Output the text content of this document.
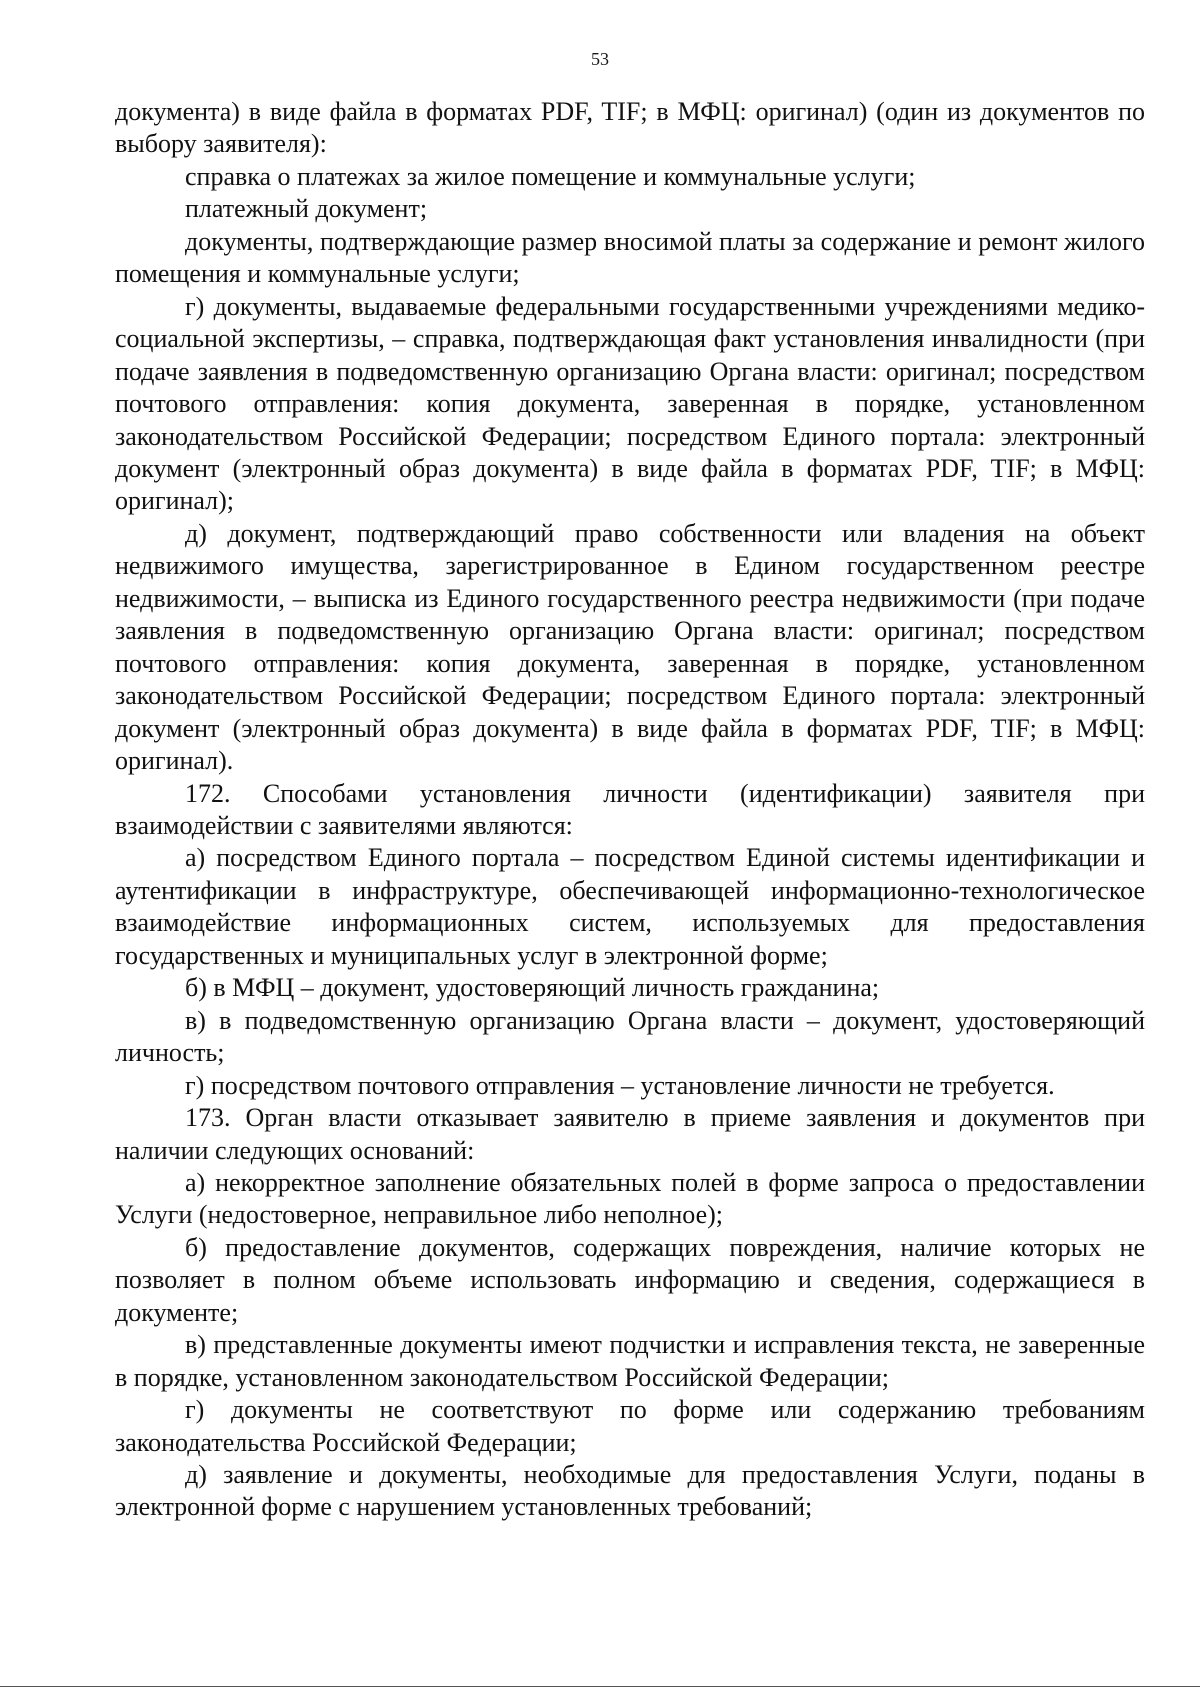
53

документа) в виде файла в форматах PDF, TIF; в МФЦ: оригинал) (один из документов по выбору заявителя):

справка о платежах за жилое помещение и коммунальные услуги;

платежный документ;

документы, подтверждающие размер вносимой платы за содержание и ремонт жилого помещения и коммунальные услуги;

г) документы, выдаваемые федеральными государственными учреждениями медико-социальной экспертизы, – справка, подтверждающая факт установления инвалидности (при подаче заявления в подведомственную организацию Органа власти: оригинал; посредством почтового отправления: копия документа, заверенная в порядке, установленном законодательством Российской Федерации; посредством Единого портала: электронный документ (электронный образ документа) в виде файла в форматах PDF, TIF; в МФЦ: оригинал);

д) документ, подтверждающий право собственности или владения на объект недвижимого имущества, зарегистрированное в Едином государственном реестре недвижимости, – выписка из Единого государственного реестра недвижимости (при подаче заявления в подведомственную организацию Органа власти: оригинал; посредством почтового отправления: копия документа, заверенная в порядке, установленном законодательством Российской Федерации; посредством Единого портала: электронный документ (электронный образ документа) в виде файла в форматах PDF, TIF; в МФЦ: оригинал).

172. Способами установления личности (идентификации) заявителя при взаимодействии с заявителями являются:

а) посредством Единого портала – посредством Единой системы идентификации и аутентификации в инфраструктуре, обеспечивающей информационно-технологическое взаимодействие информационных систем, используемых для предоставления государственных и муниципальных услуг в электронной форме;

б) в МФЦ – документ, удостоверяющий личность гражданина;

в) в подведомственную организацию Органа власти – документ, удостоверяющий личность;

г) посредством почтового отправления – установление личности не требуется.

173. Орган власти отказывает заявителю в приеме заявления и документов при наличии следующих оснований:

а) некорректное заполнение обязательных полей в форме запроса о предоставлении Услуги (недостоверное, неправильное либо неполное);

б) предоставление документов, содержащих повреждения, наличие которых не позволяет в полном объеме использовать информацию и сведения, содержащиеся в документе;

в) представленные документы имеют подчистки и исправления текста, не заверенные в порядке, установленном законодательством Российской Федерации;

г) документы не соответствуют по форме или содержанию требованиям законодательства Российской Федерации;

д) заявление и документы, необходимые для предоставления Услуги, поданы в электронной форме с нарушением установленных требований;
